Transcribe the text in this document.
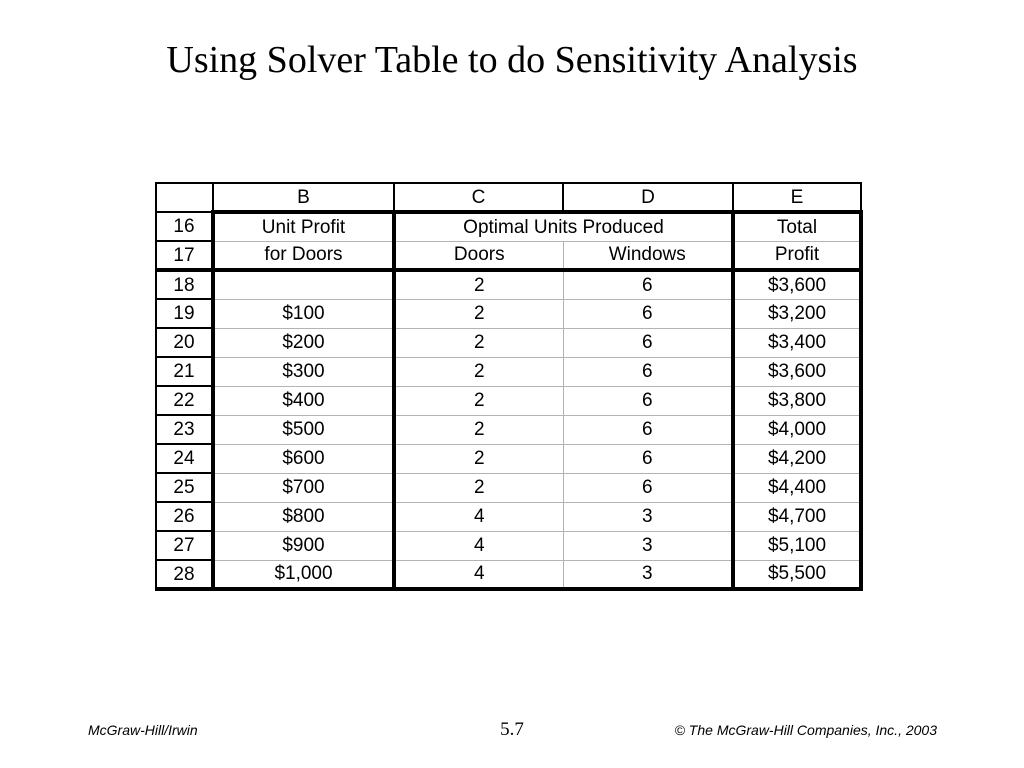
Using Solver Table to do Sensitivity Analysis
	B	C	D	E
16	Unit Profit	Optimal Units Produced		Total
17	for Doors	Doors	Windows	Profit
18		2	6	$3,600
19	$100	2	6	$3,200
20	$200	2	6	$3,400
21	$300	2	6	$3,600
22	$400	2	6	$3,800
23	$500	2	6	$4,000
24	$600	2	6	$4,200
25	$700	2	6	$4,400
26	$800	4	3	$4,700
27	$900	4	3	$5,100
28	$1,000	4	3	$5,500
McGraw-Hill/Irwin	5.7	© The McGraw-Hill Companies, Inc., 2003
